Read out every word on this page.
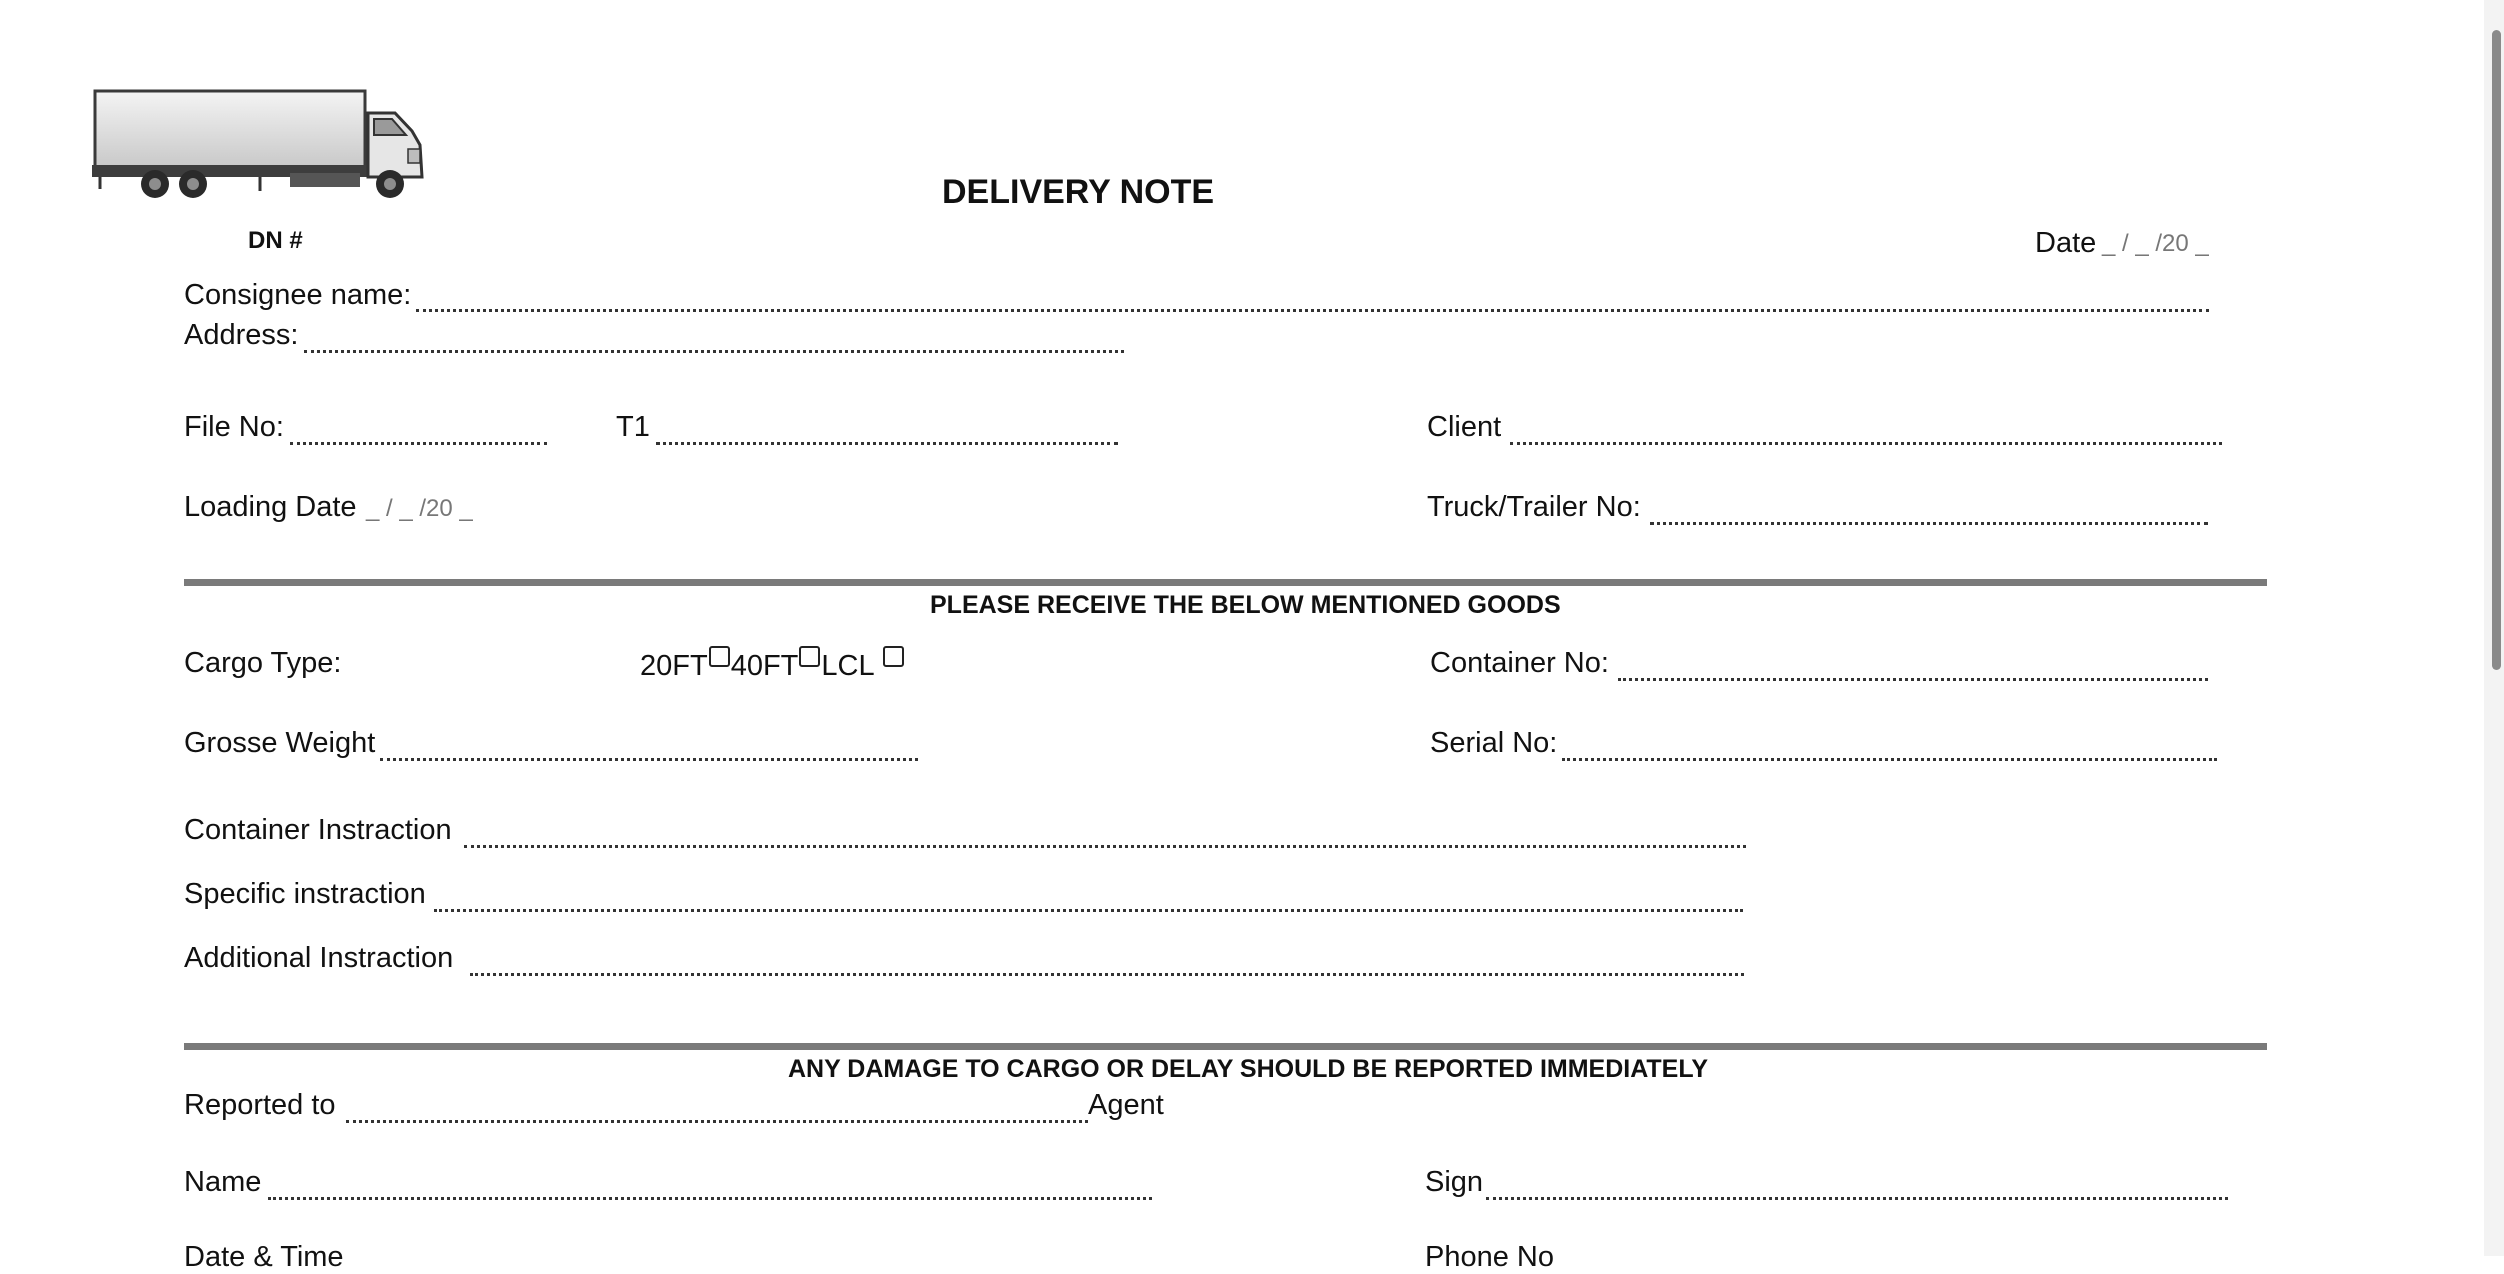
DELIVERY NOTE
DN #	Date _ / _ /20 _
Consignee name:
Address:
File No:	T1	Client
Loading Date _ / _ /20 _	Truck/Trailer No:
PLEASE RECEIVE THE BELOW MENTIONED GOODS
Cargo Type:	20FT 40FT LCL	Container No:
Grosse Weight	Serial No:
Container Instraction
Specific instraction
Additional Instraction
ANY DAMAGE TO CARGO OR DELAY SHOULD BE REPORTED IMMEDIATELY
Reported to	Agent
Name	Sign
Date & Time	Phone No
